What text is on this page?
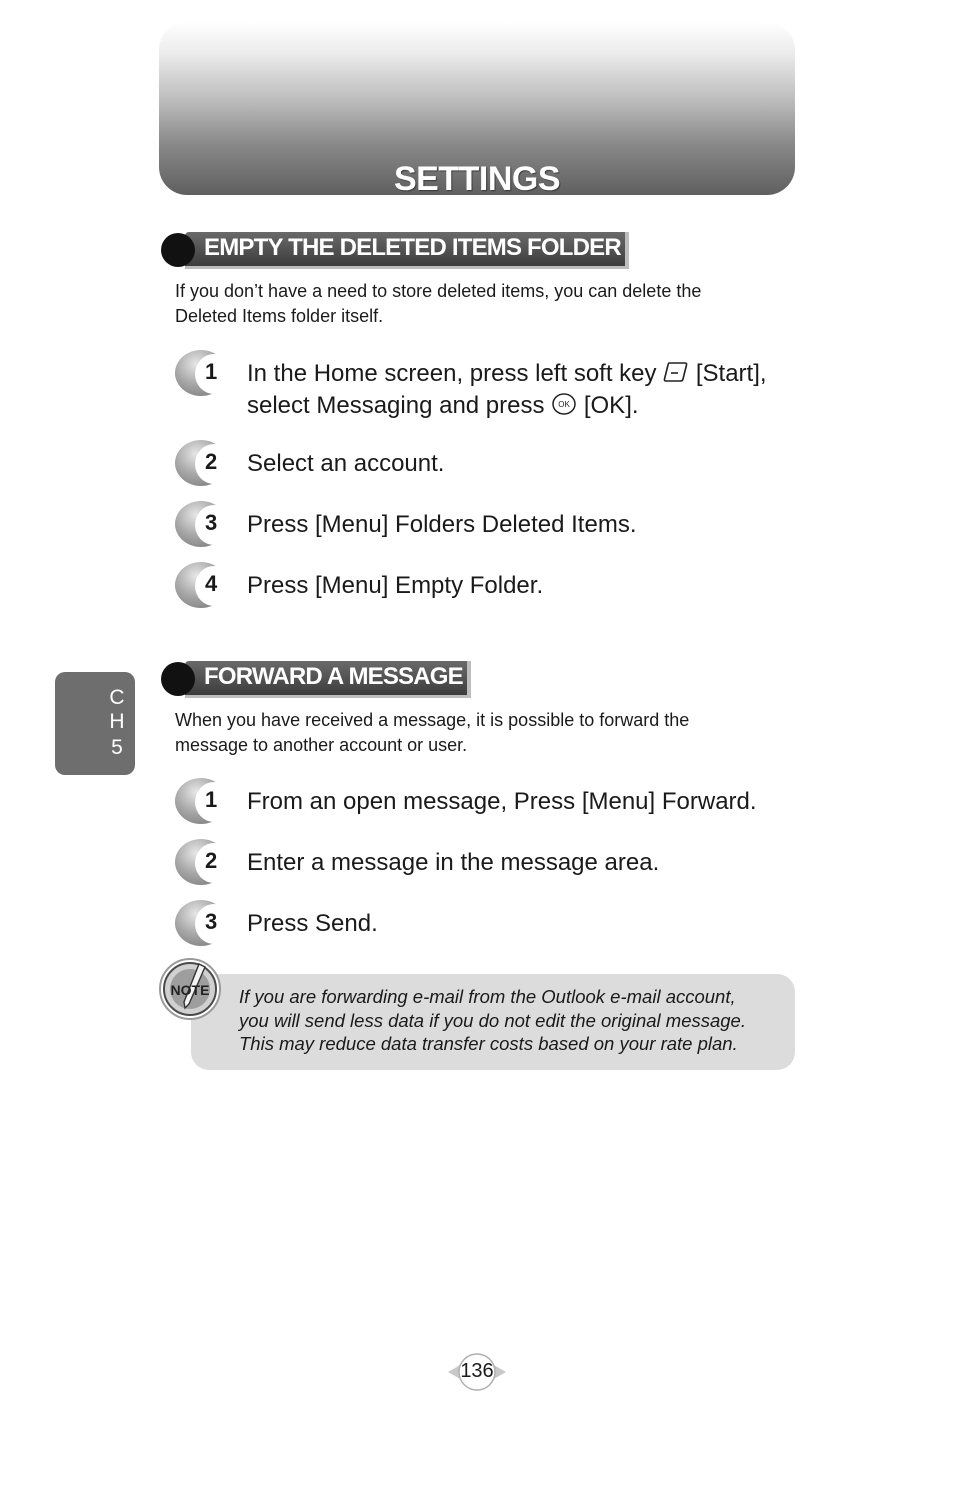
SETTINGS
EMPTY THE DELETED ITEMS FOLDER
If you don’t have a need to store deleted items, you can delete the
Deleted Items folder itself.
1 In the Home screen, press left soft key [Start],
select Messaging and press OK [OK].
2 Select an account.
3 Press [Menu] Folders Deleted Items.
4 Press [Menu] Empty Folder.
C
H
5
FORWARD A MESSAGE
When you have received a message, it is possible to forward the
message to another account or user.
1 From an open message, Press [Menu] Forward.
2 Enter a message in the message area.
3 Press Send.
If you are forwarding e-mail from the Outlook e-mail account,
you will send less data if you do not edit the original message.
This may reduce data transfer costs based on your rate plan.
NOTE
136
